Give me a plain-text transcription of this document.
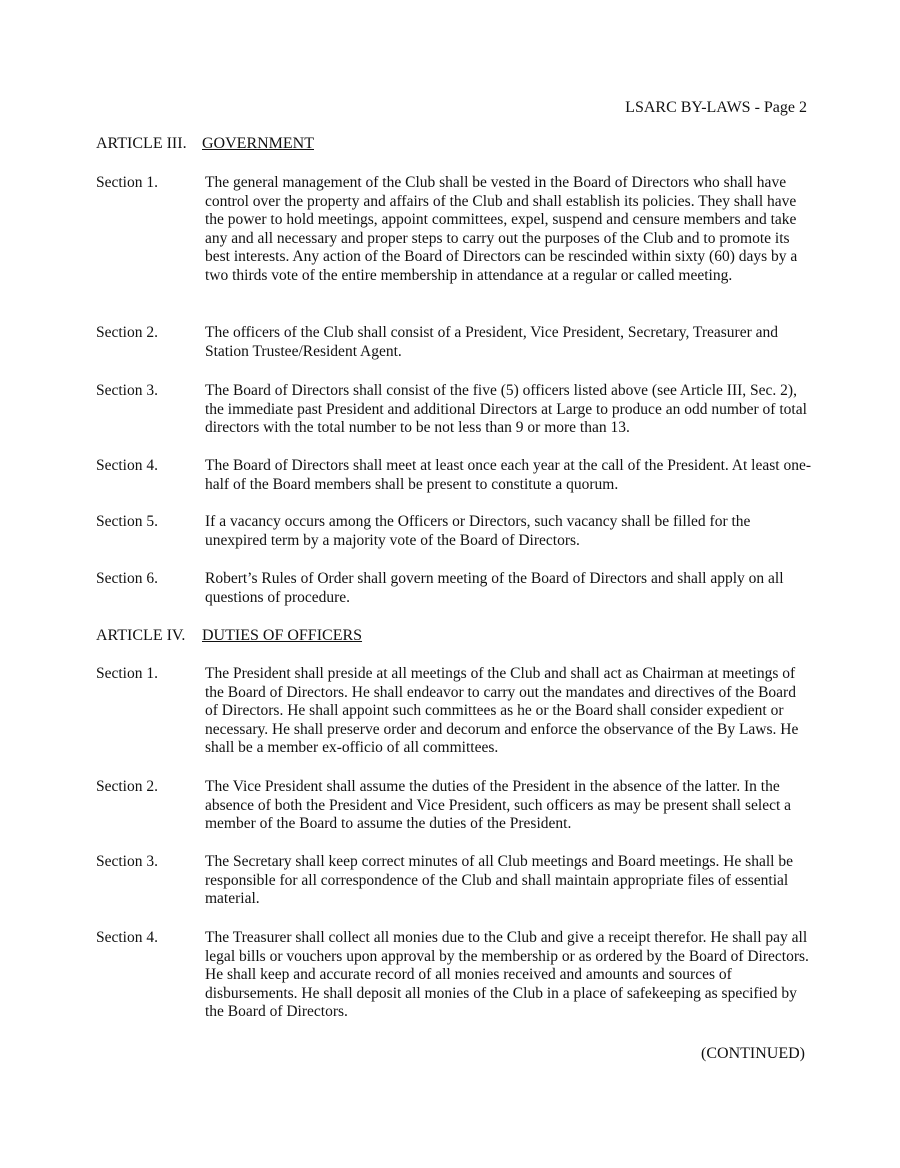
LSARC BY-LAWS - Page 2
ARTICLE III. GOVERNMENT
Section 1.	The general management of the Club shall be vested in the Board of Directors who shall have control over the property and affairs of the Club and shall establish its policies. They shall have the power to hold meetings, appoint committees, expel, suspend and censure members and take any and all necessary and proper steps to carry out the purposes of the Club and to promote its best interests. Any action of the Board of Directors can be rescinded within sixty (60) days by a two thirds vote of the entire membership in attendance at a regular or called meeting.
Section 2.	The officers of the Club shall consist of a President, Vice President, Secretary, Treasurer and Station Trustee/Resident Agent.
Section 3.	The Board of Directors shall consist of the five (5) officers listed above (see Article III, Sec. 2), the immediate past President and additional Directors at Large to produce an odd number of total directors with the total number to be not less than 9 or more than 13.
Section 4.	The Board of Directors shall meet at least once each year at the call of the President. At least one-half of the Board members shall be present to constitute a quorum.
Section 5.	If a vacancy occurs among the Officers or Directors, such vacancy shall be filled for the unexpired term by a majority vote of the Board of Directors.
Section 6.	Robert’s Rules of Order shall govern meeting of the Board of Directors and shall apply on all questions of procedure.
ARTICLE IV. DUTIES OF OFFICERS
Section 1.	The President shall preside at all meetings of the Club and shall act as Chairman at meetings of the Board of Directors. He shall endeavor to carry out the mandates and directives of the Board of Directors. He shall appoint such committees as he or the Board shall consider expedient or necessary. He shall preserve order and decorum and enforce the observance of the By Laws. He shall be a member ex-officio of all committees.
Section 2.	The Vice President shall assume the duties of the President in the absence of the latter. In the absence of both the President and Vice President, such officers as may be present shall select a member of the Board to assume the duties of the President.
Section 3.	The Secretary shall keep correct minutes of all Club meetings and Board meetings. He shall be responsible for all correspondence of the Club and shall maintain appropriate files of essential material.
Section 4.	The Treasurer shall collect all monies due to the Club and give a receipt therefor. He shall pay all legal bills or vouchers upon approval by the membership or as ordered by the Board of Directors. He shall keep and accurate record of all monies received and amounts and sources of disbursements. He shall deposit all monies of the Club in a place of safekeeping as specified by the Board of Directors.
(CONTINUED)
